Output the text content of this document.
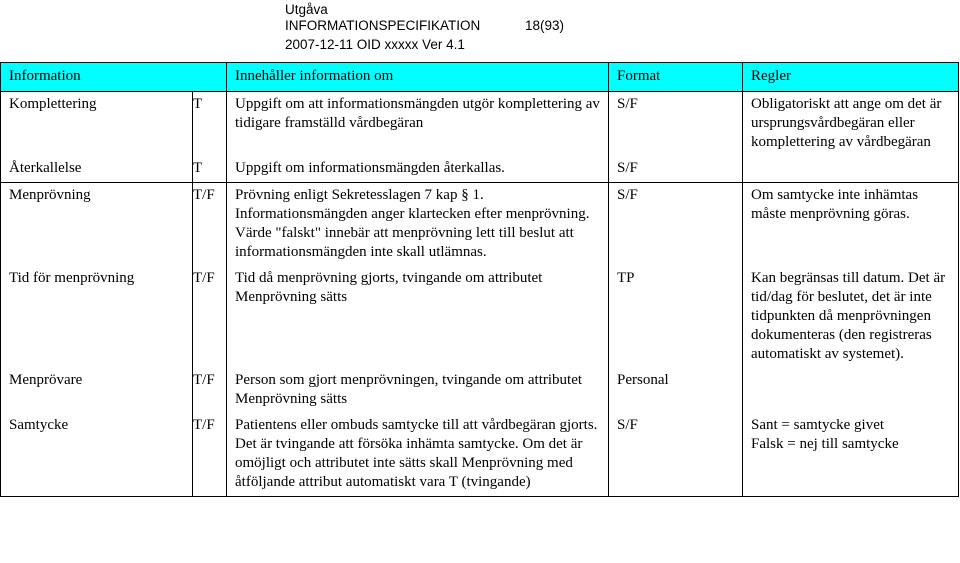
Utgåva
INFORMATIONSPECIFIKATION	18(93)
2007-12-11 OID xxxxx Ver 4.1
Information		Innehåller information om	Format	Regler
Komplettering	T	Uppgift om att informationsmängden utgör komplettering av tidigare framställd vårdbegäran	S/F	Obligatoriskt att ange om det är ursprungsvårdbegäran eller komplettering av vårdbegäran
Återkallelse	T	Uppgift om informationsmängden återkallas.	S/F	
Menprövning	T/F	Prövning enligt Sekretesslagen 7 kap § 1. Informationsmängden anger klartecken efter menprövning. Värde "falskt" innebär att menprövning lett till beslut att informationsmängden inte skall utlämnas.	S/F	Om samtycke inte inhämtas måste menprövning göras.
Tid för menprövning	T/F	Tid då menprövning gjorts, tvingande om attributet Menprövning sätts	TP	Kan begränsas till datum. Det är tid/dag för beslutet, det är inte tidpunkten då menprövningen dokumenteras (den registreras automatiskt av systemet).
Menprövare	T/F	Person som gjort menprövningen, tvingande om attributet Menprövning sätts	Personal	
Samtycke	T/F	Patientens eller ombuds samtycke till att vårdbegäran gjorts. Det är tvingande att försöka inhämta samtycke. Om det är omöjligt och attributet inte sätts skall Menprövning med åtföljande attribut automatiskt vara T (tvingande)	S/F	Sant = samtycke givet
Falsk = nej till samtycke
